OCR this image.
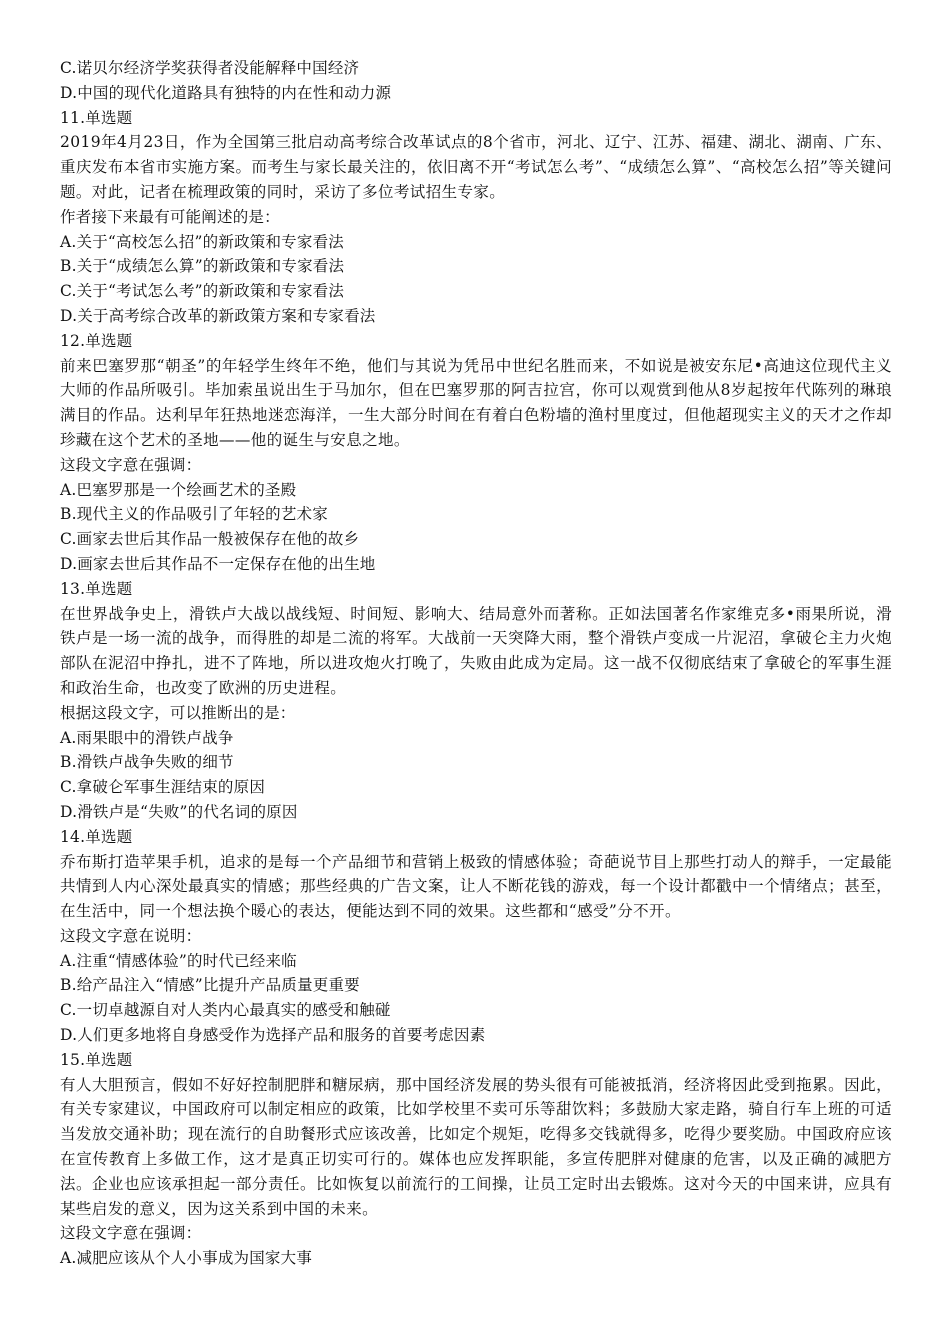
C.诺贝尔经济学奖获得者没能解释中国经济

D.中国的现代化道路具有独特的内在性和动力源

11.单选题

2019年4月23日，作为全国第三批启动高考综合改革试点的8个省市，河北、辽宁、江苏、福建、湖北、湖南、广东、重庆发布本省市实施方案。而考生与家长最关注的，依旧离不开“考试怎么考”、“成绩怎么算”、“高校怎么招”等关键问题。对此，记者在梳理政策的同时，采访了多位考试招生专家。

作者接下来最有可能阐述的是：

A.关于“高校怎么招”的新政策和专家看法

B.关于“成绩怎么算”的新政策和专家看法

C.关于“考试怎么考”的新政策和专家看法

D.关于高考综合改革的新政策方案和专家看法

12.单选题

前来巴塞罗那“朝圣”的年轻学生终年不绝，他们与其说为凭吊中世纪名胜而来，不如说是被安东尼•高迪这位现代主义大师的作品所吸引。毕加索虽说出生于马加尔，但在巴塞罗那的阿吉拉宫，你可以观赏到他从8岁起按年代陈列的琳琅满目的作品。达利早年狂热地迷恋海洋，一生大部分时间在有着白色粉墙的渔村里度过，但他超现实主义的天才之作却珍藏在这个艺术的圣地——他的诞生与安息之地。

这段文字意在强调：

A.巴塞罗那是一个绘画艺术的圣殿

B.现代主义的作品吸引了年轻的艺术家

C.画家去世后其作品一般被保存在他的故乡

D.画家去世后其作品不一定保存在他的出生地

13.单选题

在世界战争史上，滑铁卢大战以战线短、时间短、影响大、结局意外而著称。正如法国著名作家维克多•雨果所说，滑铁卢是一场一流的战争，而得胜的却是二流的将军。大战前一天突降大雨，整个滑铁卢变成一片泥沼，拿破仑主力火炮部队在泥沼中挣扎，进不了阵地，所以进攻炮火打晚了，失败由此成为定局。这一战不仅彻底结束了拿破仑的军事生涯和政治生命，也改变了欧洲的历史进程。

根据这段文字，可以推断出的是：

A.雨果眼中的滑铁卢战争

B.滑铁卢战争失败的细节

C.拿破仑军事生涯结束的原因

D.滑铁卢是“失败”的代名词的原因

14.单选题

乔布斯打造苹果手机，追求的是每一个产品细节和营销上极致的情感体验；奇葩说节目上那些打动人的辩手，一定最能共情到人内心深处最真实的情感；那些经典的广告文案，让人不断花钱的游戏，每一个设计都戳中一个情绪点；甚至，在生活中，同一个想法换个暖心的表达，便能达到不同的效果。这些都和“感受”分不开。

这段文字意在说明：

A.注重“情感体验”的时代已经来临

B.给产品注入“情感”比提升产品质量更重要

C.一切卓越源自对人类内心最真实的感受和触碰

D.人们更多地将自身感受作为选择产品和服务的首要考虑因素

15.单选题

有人大胆预言，假如不好好控制肥胖和糖尿病，那中国经济发展的势头很有可能被抵消，经济将因此受到拖累。因此，有关专家建议，中国政府可以制定相应的政策，比如学校里不卖可乐等甜饮料；多鼓励大家走路，骑自行车上班的可适当发放交通补助；现在流行的自助餐形式应该改善，比如定个规矩，吃得多交钱就得多，吃得少要奖励。中国政府应该在宣传教育上多做工作，这才是真正切实可行的。媒体也应发挥职能，多宣传肥胖对健康的危害，以及正确的减肥方法。企业也应该承担起一部分责任。比如恢复以前流行的工间操，让员工定时出去锻炼。这对今天的中国来讲，应具有某些启发的意义，因为这关系到中国的未来。

这段文字意在强调：

A.减肥应该从个人小事成为国家大事
